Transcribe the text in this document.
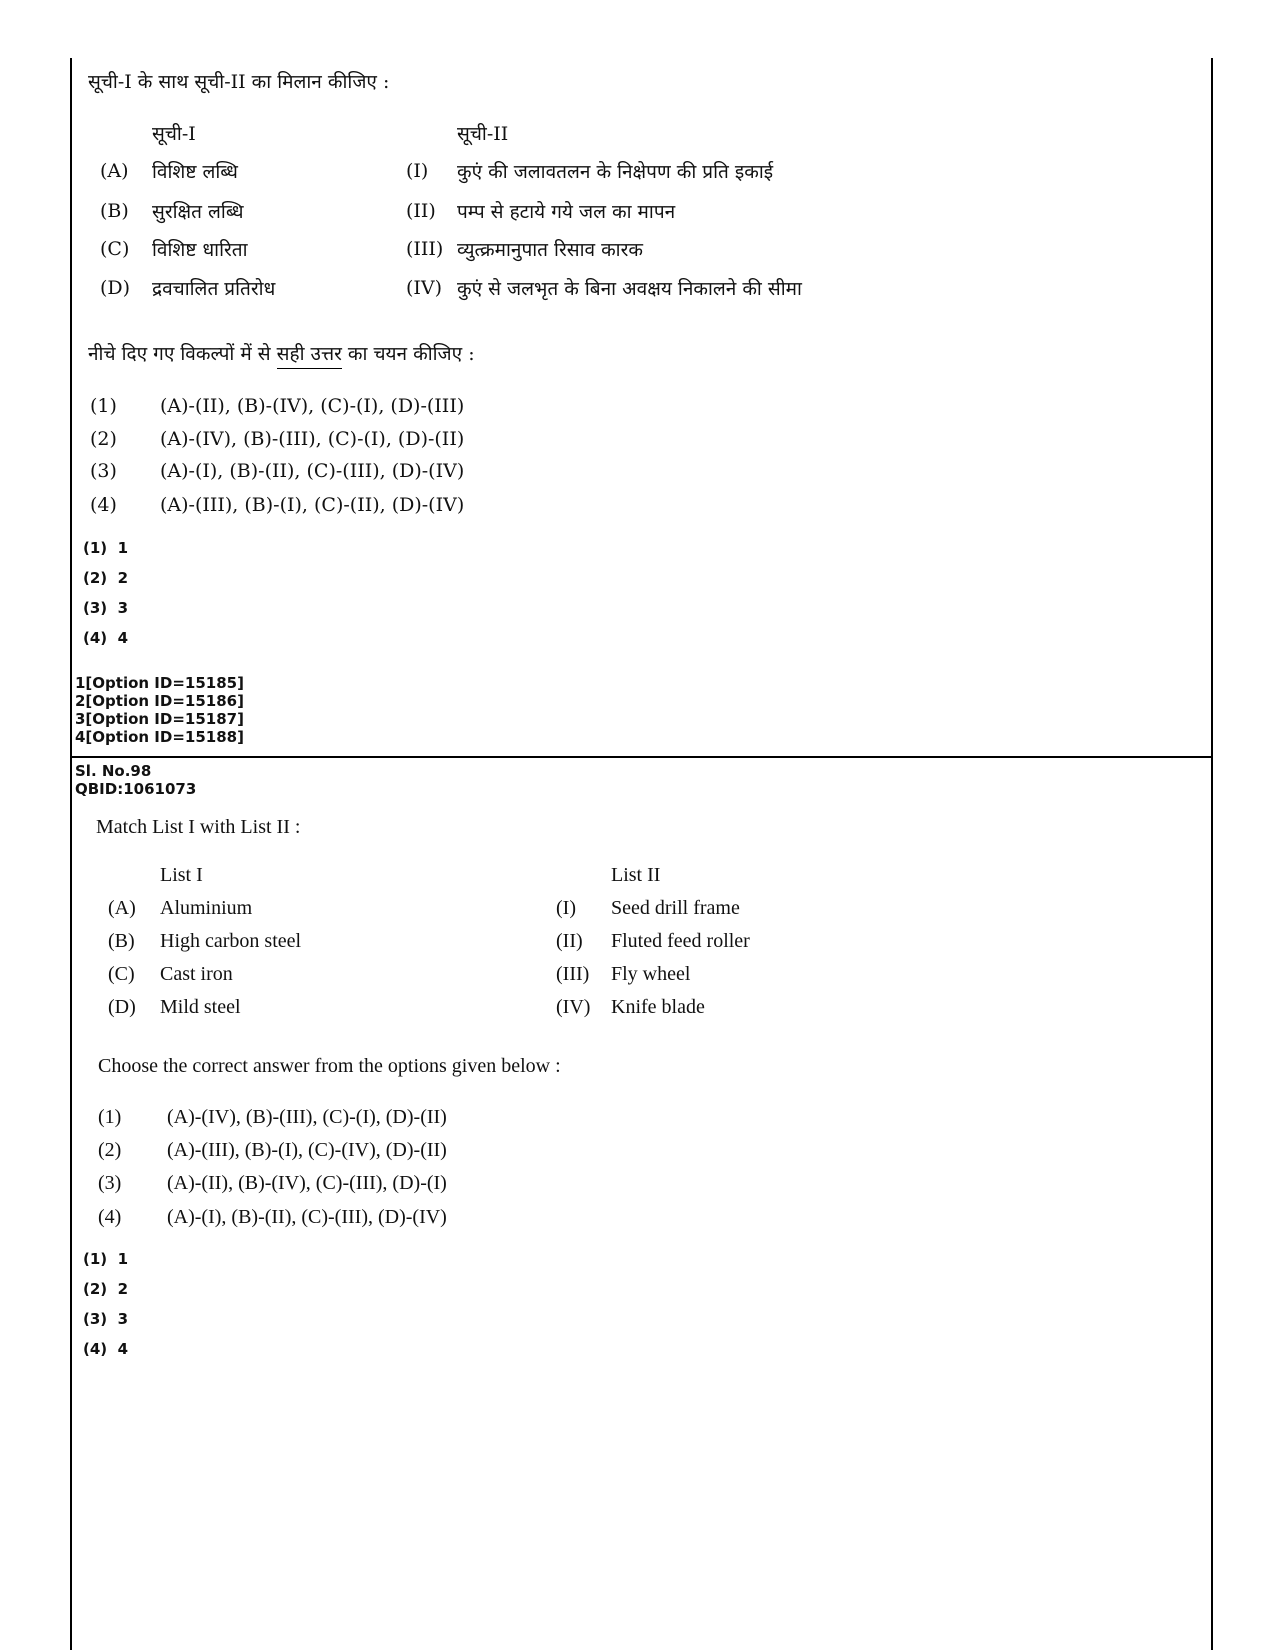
सूची-I के साथ सूची-II का मिलान कीजिए :
सूची-I	सूची-II
(A) विशिष्ट लब्धि
(B) सुरक्षित लब्धि
(C) विशिष्ट धारिता
(D) द्रवचालित प्रतिरोध
(I) कुएं की जलावतलन के निक्षेपण की प्रति इकाई
(II) पम्प से हटाये गये जल का मापन
(III) व्युत्क्रमानुपात रिसाव कारक
(IV) कुएं से जलभृत के बिना अवक्षय निकालने की सीमा
नीचे दिए गए विकल्पों में से सही उत्तर का चयन कीजिए :
(1) (A)-(II), (B)-(IV), (C)-(I), (D)-(III)
(2) (A)-(IV), (B)-(III), (C)-(I), (D)-(II)
(3) (A)-(I), (B)-(II), (C)-(III), (D)-(IV)
(4) (A)-(III), (B)-(I), (C)-(II), (D)-(IV)
(1)  1
(2)  2
(3)  3
(4)  4
1[Option ID=15185]
2[Option ID=15186]
3[Option ID=15187]
4[Option ID=15188]
Sl. No.98
QBID:1061073
Match List I with List II :
List I	List II
(A) Aluminium
(B) High carbon steel
(C) Cast iron
(D) Mild steel
(I) Seed drill frame
(II) Fluted feed roller
(III) Fly wheel
(IV) Knife blade
Choose the correct answer from the options given below :
(1) (A)-(IV), (B)-(III), (C)-(I), (D)-(II)
(2) (A)-(III), (B)-(I), (C)-(IV), (D)-(II)
(3) (A)-(II), (B)-(IV), (C)-(III), (D)-(I)
(4) (A)-(I), (B)-(II), (C)-(III), (D)-(IV)
(1)  1
(2)  2
(3)  3
(4)  4
